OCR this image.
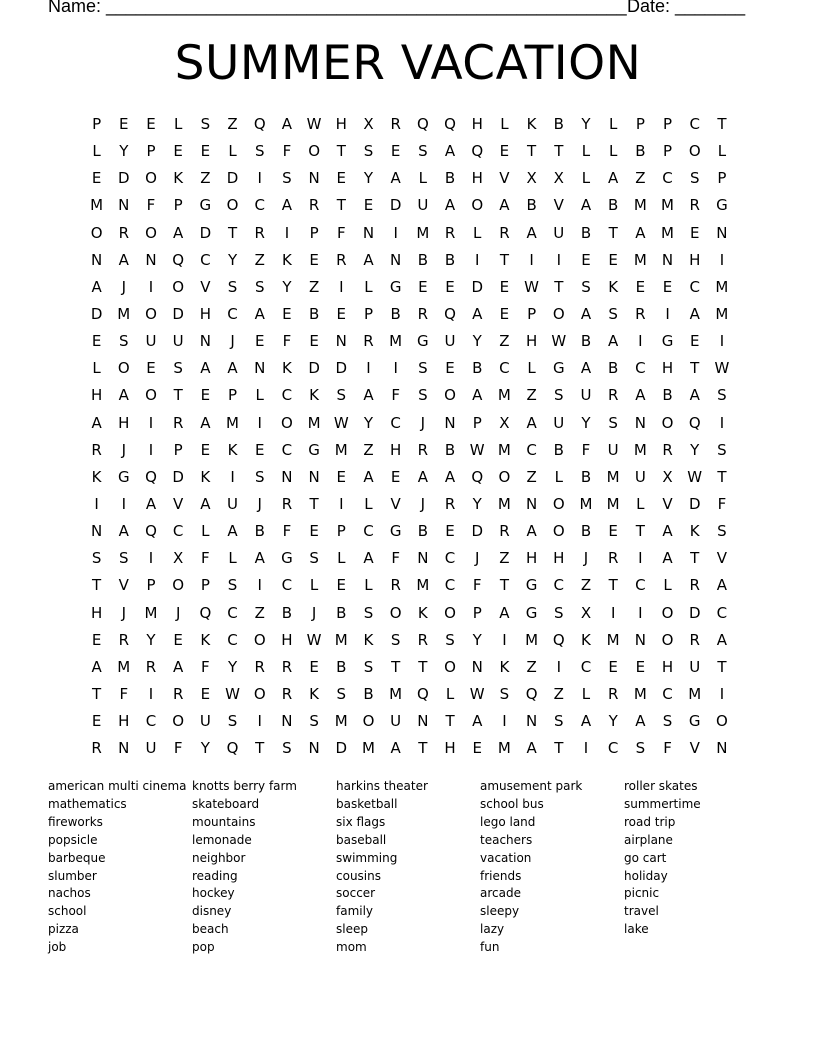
Name: ____________________________________________________ Date: _______
SUMMER VACATION
P	E	E	L	S	Z	Q	A W H	X	R	Q	Q	H	L	K	B	Y	L	P	P	C	T
L	Y	P	E	E	L	S	F	O	T	S	E	S	A	Q	E	T	T	L	L	B	P	O	L
E	D	O	K	Z	D	I	S	N	E	Y	A	L	B	H	V	X	X	L	A	Z	C	S	P
M	N	F	P	G	O	C	A	R	T	E	D	U	A	O	A	B	V	A	B	M M	R	G
O	R	O	A	D	T	R	I	P	F	N	I	M	R	L	R	A	U	B	T	A	M	E	N
N	A	N	Q	C	Y	Z	K	E	R	A	N	B	B	I	T	I	I	E	E	M	N	H	I
A	J	I	O	V	S	S	Y	Z	I	L	G	E	E	D	E	W	T	S	K	E	E	C	M
D M O	D	H	C	A	E	B	E	P	B	R	Q	A	E	P	O	A	S	R	I	A	M
E	S	U	U	N	J	E	F	E	N	R	M G	U	Y	Z	H W B	A	I	G	E	I
L	O	E	S	A	A	N	K	D	D	I	I	S	E	B	C	L	G	A	B	C	H	T	W
H	A	O	T	E	P	L	C	K	S	A	F	S	O	A	M	Z	S	U	R	A	B	A	S
A	H	I	R	A	M	I	O M W	Y	C	J	N	P	X	A	U	Y	S	N	O	Q	I
R	J	I	P	E	K	E	C	G M	Z	H	R	B W M	C	B	F	U	M	R	Y	S
K	G	Q	D	K	I	S	N	N	E	A	E	A	A	Q	O	Z	L	B	M	U	X W	T
I	I	A	V	A	U	J	R	T	I	L	V	J	R	Y	M	N	O M M	L	V	D	F
N	A	Q	C	L	A	B	F	E	P	C	G	B	E	D	R	A	O	B	E	T	A	K	S
S	S	I	X	F	L	A	G	S	L	A	F	N	C	J	Z	H	H	J	R	I	A	T	V
T	V	P	O	P	S	I	C	L	E	L	R	M	C	F	T	G	C	Z	T	C	L	R	A
H	J	M	J	Q	C	Z	B	J	B	S	O	K	O	P	A	G	S	X	I	I	O	D	C
E	R	Y	E	K	C	O	H W M	K	S	R	S	Y	I	M Q	K	M	N	O	R	A
A	M	R	A	F	Y	R	R	E	B	S	T	T	O	N	K	Z	I	C	E	E	H	U	T
T	F	I	R	E	W O	R	K	S	B	M Q	L	W	S	Q	Z	L	R	M	C	M	I
E	H	C	O	U	S	I	N	S	M O	U	N	T	A	I	N	S	A	Y	A	S	G	O
R	N	U	F	Y	Q	T	S	N	D M	A	T	H	E	M	A	T	I	C	S	F	V	N
american multi cinema
mathematics
fireworks
popsicle
barbeque
slumber
nachos
school
pizza
job
knotts berry farm
skateboard
mountains
lemonade
neighbor
reading
hockey
disney
beach
pop
harkins theater
basketball
six flags
baseball
swimming
cousins
soccer
family
sleep
mom
amusement park
school bus
lego land
teachers
vacation
friends
arcade
sleepy
lazy
fun
roller skates
summertime
road trip
airplane
go cart
holiday
picnic
travel
lake
